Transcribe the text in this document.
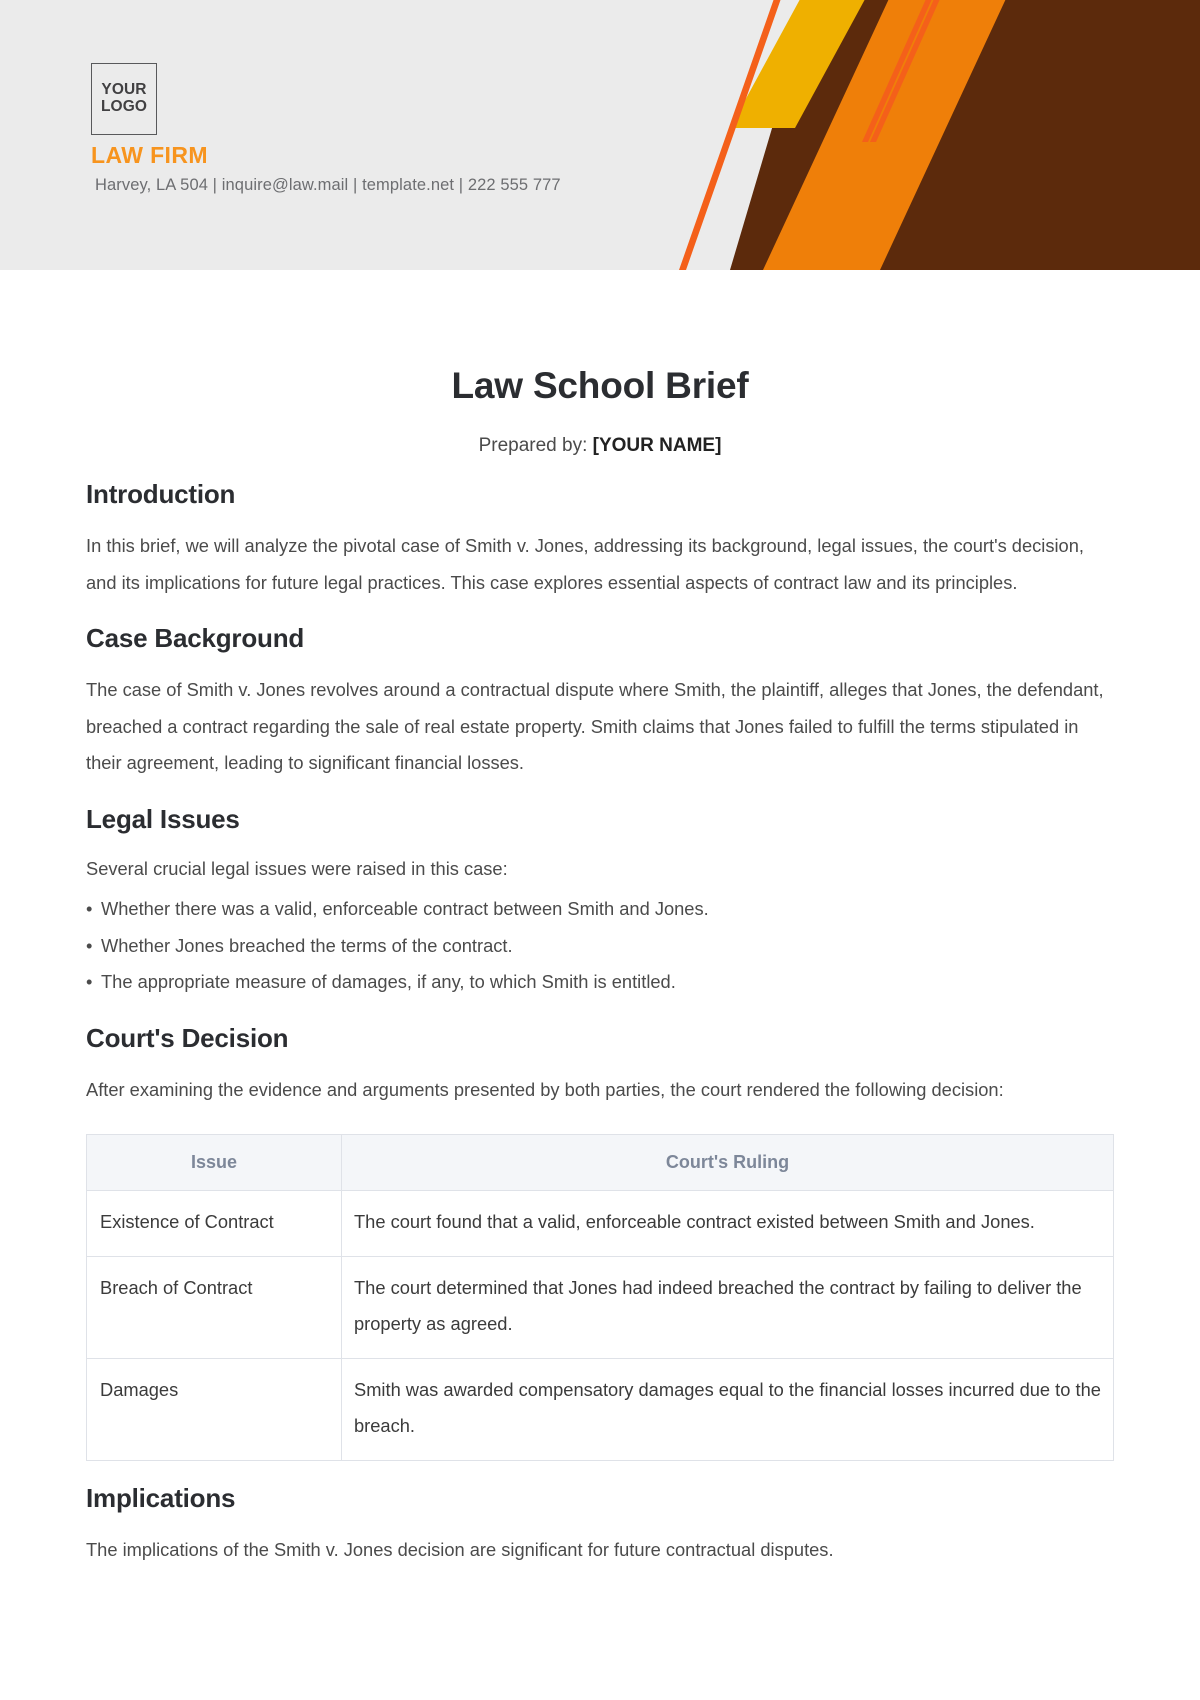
YOUR
LOGO
LAW FIRM
Harvey, LA 504 | inquire@law.mail | template.net | 222 555 777
Law School Brief
Prepared by: [YOUR NAME]
Introduction

In this brief, we will analyze the pivotal case of Smith v. Jones, addressing its background, legal issues, the court's decision, and its implications for future legal practices. This case explores essential aspects of contract law and its principles.

Case Background

The case of Smith v. Jones revolves around a contractual dispute where Smith, the plaintiff, alleges that Jones, the defendant, breached a contract regarding the sale of real estate property. Smith claims that Jones failed to fulfill the terms stipulated in their agreement, leading to significant financial losses.

Legal Issues

Several crucial legal issues were raised in this case:

• Whether there was a valid, enforceable contract between Smith and Jones.
• Whether Jones breached the terms of the contract.
• The appropriate measure of damages, if any, to which Smith is entitled.
Court's Decision

After examining the evidence and arguments presented by both parties, the court rendered the following decision:

Issue	Court's Ruling
Existence of Contract	The court found that a valid, enforceable contract existed between Smith and Jones.
Breach of Contract	The court determined that Jones had indeed breached the contract by failing to deliver the property as agreed.
Damages	Smith was awarded compensatory damages equal to the financial losses incurred due to the breach.
Implications

The implications of the Smith v. Jones decision are significant for future contractual disputes.
